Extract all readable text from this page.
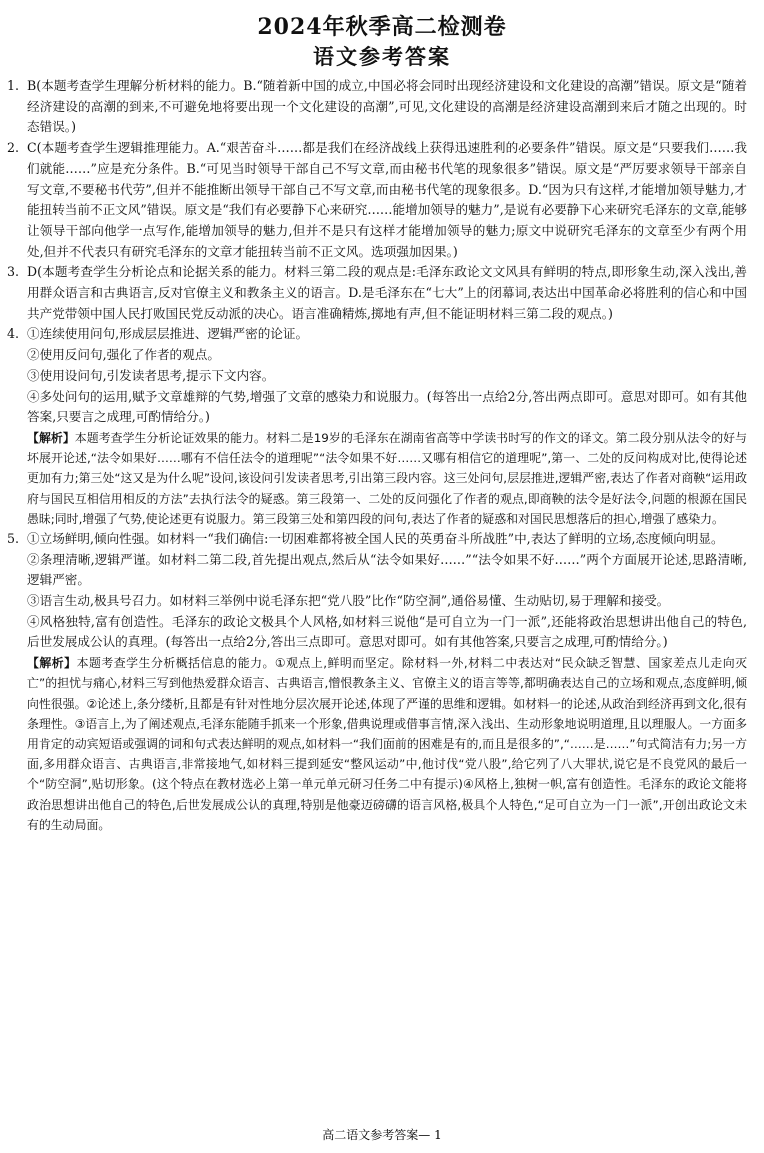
2024年秋季高二检测卷
语文参考答案
1. B(本题考查学生理解分析材料的能力。B.“随着新中国的成立,中国必将会同时出现经济建设和文化建设的高潮”错误。原文是“随着经济建设的高潮的到来,不可避免地将要出现一个文化建设的高潮”,可见,文化建设的高潮是经济建设高潮到来后才随之出现的。时态错误。)

2. C(本题考查学生逻辑推理能力。A.“艰苦奋斗……都是我们在经济战线上获得迅速胜利的必要条件”错误。原文是“只要我们……我们就能……”应是充分条件。B.“可见当时领导干部自己不写文章,而由秘书代笔的现象很多”错误。原文是“严厉要求领导干部亲自写文章,不要秘书代劳”,但并不能推断出领导干部自己不写文章,而由秘书代笔的现象很多。D.“因为只有这样,才能增加领导魅力,才能扭转当前不正文风”错误。原文是“我们有必要静下心来研究……能增加领导的魅力”,是说有必要静下心来研究毛泽东的文章,能够让领导干部向他学一点写作,能增加领导的魅力,但并不是只有这样才能增加领导的魅力;原文中说研究毛泽东的文章至少有两个用处,但并不代表只有研究毛泽东的文章才能扭转当前不正文风。选项强加因果。)

3. D(本题考查学生分析论点和论据关系的能力。材料三第二段的观点是:毛泽东政论文文风具有鲜明的特点,即形象生动,深入浅出,善用群众语言和古典语言,反对官僚主义和教条主义的语言。D.是毛泽东在“七大”上的闭幕词,表达出中国革命必将胜利的信心和中国共产党带领中国人民打败国民党反动派的决心。语言准确精炼,掷地有声,但不能证明材料三第二段的观点。)

4. ①连续使用问句,形成层层推进、逻辑严密的论证。

②使用反问句,强化了作者的观点。

③使用设问句,引发读者思考,提示下文内容。

④多处问句的运用,赋予文章雄辩的气势,增强了文章的感染力和说服力。(每答出一点给2分,答出两点即可。意思对即可。如有其他答案,只要言之成理,可酌情给分。)

【解析】本题考查学生分析论证效果的能力。材料二是19岁的毛泽东在湖南省高等中学读书时写的作文的译文。第二段分别从法令的好与坏展开论述,“法令如果好……哪有不信任法令的道理呢”“法令如果不好……又哪有相信它的道理呢”,第一、二处的反问构成对比,使得论述更加有力;第三处“这又是为什么呢”设问,该设问引发读者思考,引出第三段内容。这三处问句,层层推进,逻辑严密,表达了作者对商鞅“运用政府与国民互相信用相反的方法”去执行法令的疑惑。第三段第一、二处的反问强化了作者的观点,即商鞅的法令是好法令,问题的根源在国民愚昧;同时,增强了气势,使论述更有说服力。第三段第三处和第四段的问句,表达了作者的疑惑和对国民思想落后的担心,增强了感染力。

5. ①立场鲜明,倾向性强。如材料一“我们确信:一切困难都将被全国人民的英勇奋斗所战胜”中,表达了鲜明的立场,态度倾向明显。

②条理清晰,逻辑严谨。如材料二第二段,首先提出观点,然后从“法令如果好……”“法令如果不好……”两个方面展开论述,思路清晰,逻辑严密。

③语言生动,极具号召力。如材料三举例中说毛泽东把“党八股”比作“防空洞”,通俗易懂、生动贴切,易于理解和接受。

④风格独特,富有创造性。毛泽东的政论文极具个人风格,如材料三说他“是可自立为一门一派”,还能将政治思想讲出他自己的特色,后世发展成公认的真理。(每答出一点给2分,答出三点即可。意思对即可。如有其他答案,只要言之成理,可酌情给分。)

【解析】本题考查学生分析概括信息的能力。①观点上,鲜明而坚定。除材料一外,材料二中表达对“民众缺乏智慧、国家差点儿走向灭亡”的担忧与痛心,材料三写到他热爱群众语言、古典语言,憎恨教条主义、官僚主义的语言等等,都明确表达自己的立场和观点,态度鲜明,倾向性很强。②论述上,条分缕析,且都是有针对性地分层次展开论述,体现了严谨的思维和逻辑。如材料一的论述,从政治到经济再到文化,很有条理性。③语言上,为了阐述观点,毛泽东能随手抓来一个形象,借典说理或借事言情,深入浅出、生动形象地说明道理,且以理服人。一方面多用肯定的动宾短语或强调的词和句式表达鲜明的观点,如材料一“我们面前的困难是有的,而且是很多的”,“……是……”句式简洁有力;另一方面,多用群众语言、古典语言,非常接地气,如材料三提到延安“整风运动”中,他讨伐“党八股”,给它列了八大罪状,说它是不良党风的最后一个“防空洞”,贴切形象。(这个特点在教材选必上第一单元单元研习任务二中有提示)④风格上,独树一帜,富有创造性。毛泽东的政论文能将政治思想讲出他自己的特色,后世发展成公认的真理,特别是他豪迈磅礴的语言风格,极具个人特色,“足可自立为一门一派”,开创出政论文未有的生动局面。

高二语文参考答案— 1
